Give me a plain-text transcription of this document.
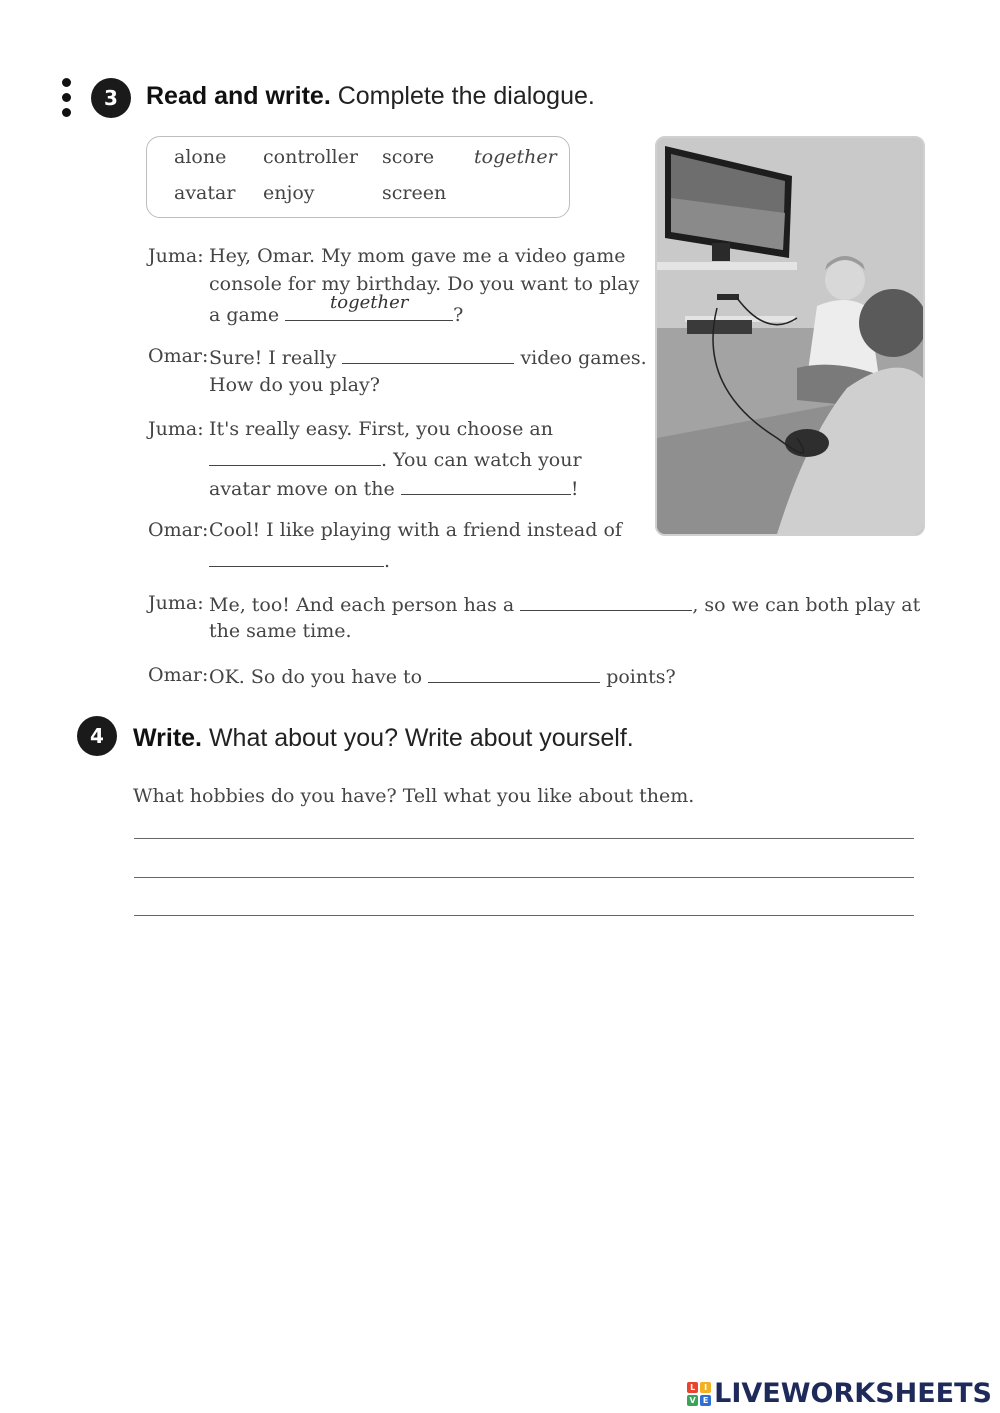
3	Read and write. Complete the dialogue.
alone controller score together
avatar enjoy	screen
Juma: Hey, Omar. My mom gave me a video game
console for my birthday. Do you want to play
a game
together
?
Omar: Sure! I really	video games.
How do you play?
Juma: It's really easy. First, you choose an
. You can watch your
avatar move on the	!
Omar: Cool! I like playing with a friend instead of
.
Juma: Me, too! And each person has a	, so we can both play at
the same time.
Omar: OK. So do you have to	points?
4	Write. What about you? Write about yourself.
What hobbies do you have? Tell what you like about them.
L	I
V E LIVEWORKSHEETS
